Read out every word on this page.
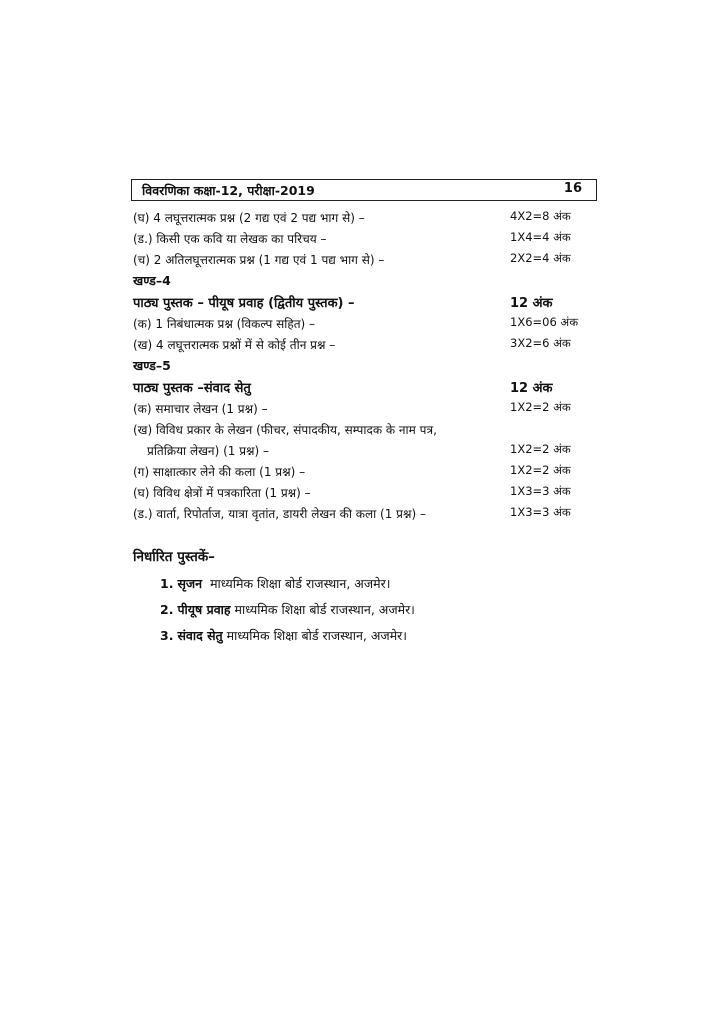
विवरणिका कक्षा-12, परीक्षा-2019	16
(घ) 4 लघूत्तरात्मक प्रश्न (2 गद्य एवं 2 पद्य भाग से) –	4X2=8 अंक
(ड.) किसी एक कवि या लेखक का परिचय –	1X4=4 अंक
(च) 2 अतिलघूत्तरात्मक प्रश्न (1 गद्य एवं 1 पद्य भाग से) –	2X2=4 अंक
खण्ड–4
पाठ्य पुस्तक – पीयूष प्रवाह (द्वितीय पुस्तक) –	12 अंक
(क) 1 निबंधात्मक प्रश्न (विकल्प सहित) –	1X6=06 अंक
(ख) 4 लघूत्तरात्मक प्रश्नों में से कोई तीन प्रश्न –	3X2=6 अंक
खण्ड–5
पाठ्य पुस्तक –संवाद सेतु	12 अंक
(क) समाचार लेखन (1 प्रश्न) –	1X2=2 अंक
(ख) विविध प्रकार के लेखन (फीचर, संपादकीय, सम्पादक के नाम पत्र,
प्रतिक्रिया लेखन) (1 प्रश्न) –	1X2=2 अंक
(ग) साक्षात्कार लेने की कला (1 प्रश्न) –	1X2=2 अंक
(घ) विविध क्षेत्रों में पत्रकारिता (1 प्रश्न) –	1X3=3 अंक
(ड.) वार्ता, रिपोर्ताज, यात्रा वृतांत, डायरी लेखन की कला (1 प्रश्न) –	1X3=3 अंक
निर्धारित पुस्तकें–
1. सृजन माध्यमिक शिक्षा बोर्ड राजस्थान, अजमेर।
2. पीयूष प्रवाह माध्यमिक शिक्षा बोर्ड राजस्थान, अजमेर।
3. संवाद सेतु माध्यमिक शिक्षा बोर्ड राजस्थान, अजमेर।
